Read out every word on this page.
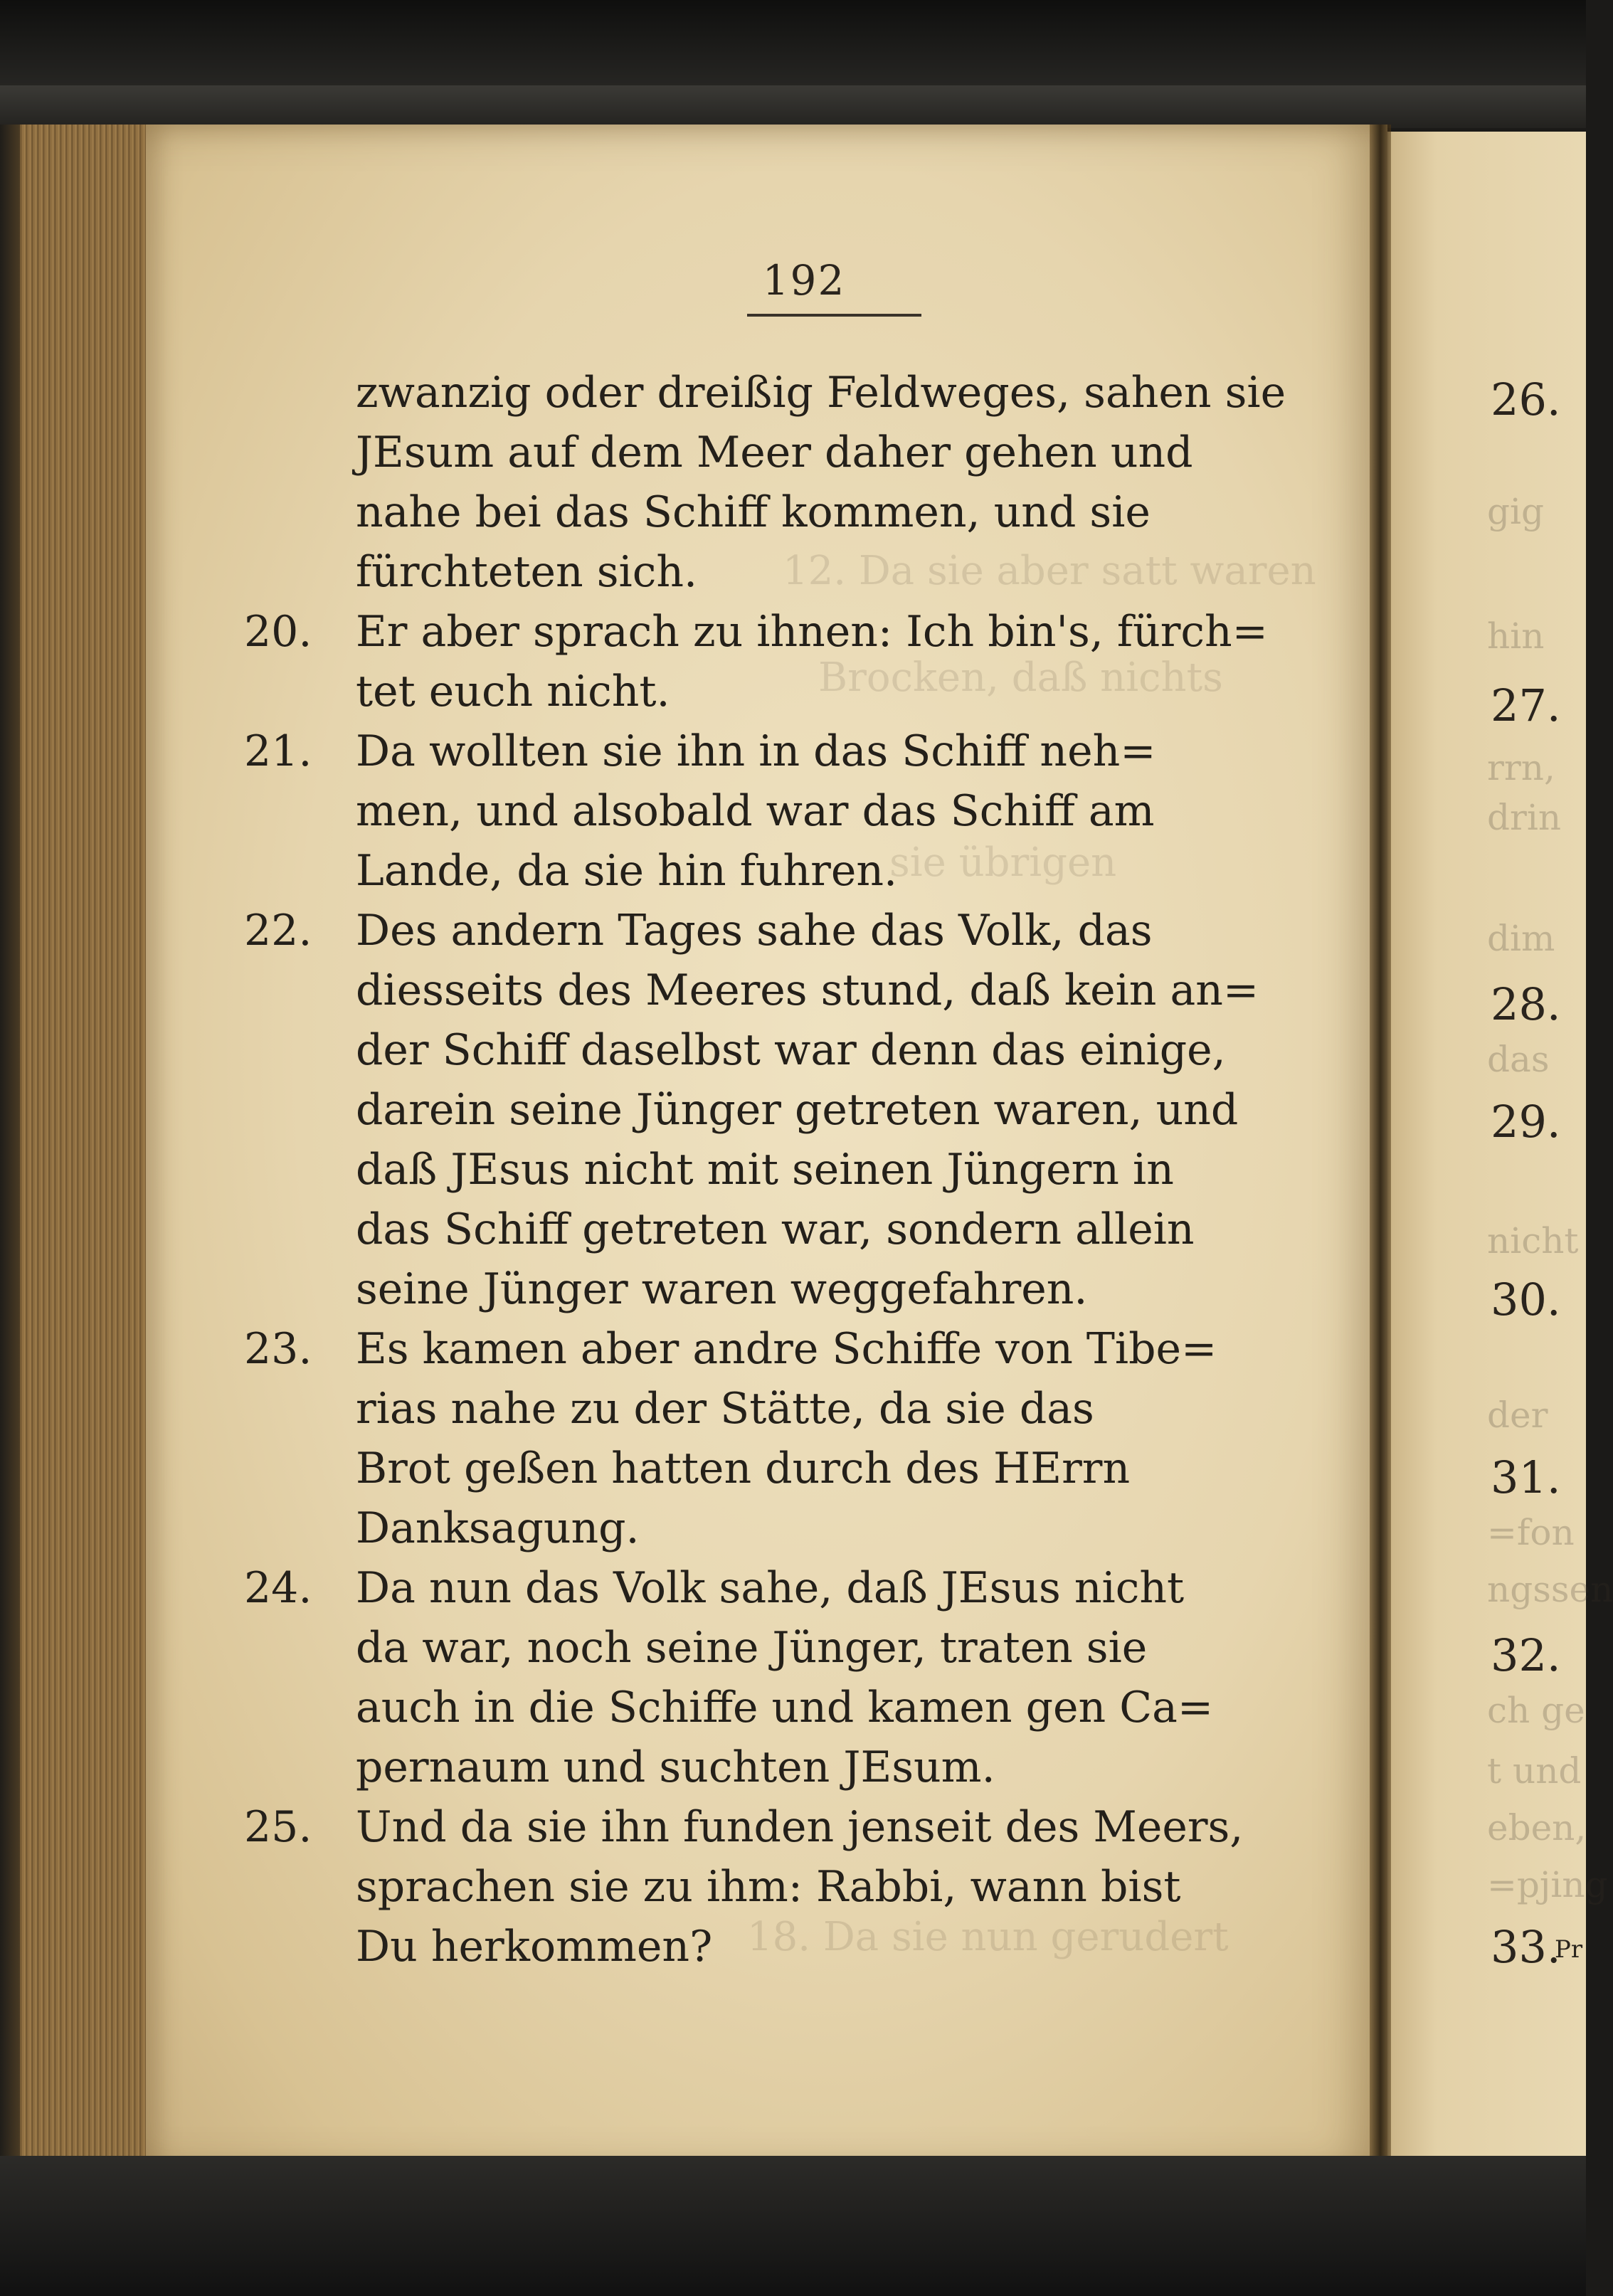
12. Da sie aber satt waren
Brocken, daß nichts
sie übrigen
18. Da sie nun gerudert
192
zwanzig oder dreißig Feldweges, sahen sie
JEsum auf dem Meer daher gehen und
nahe bei das Schiff kommen, und sie
fürchteten sich.
20.	Er aber sprach zu ihnen: Ich bin's, fürch=
tet euch nicht.
21.	Da wollten sie ihn in das Schiff neh=
men, und alsobald war das Schiff am
Lande, da sie hin fuhren.
22.	Des andern Tages sahe das Volk, das
diesseits des Meeres stund, daß kein an=
der Schiff daselbst war denn das einige,
darein seine Jünger getreten waren, und
daß JEsus nicht mit seinen Jüngern in
das Schiff getreten war, sondern allein
seine Jünger waren weggefahren.
23.	Es kamen aber andre Schiffe von Tibe=
rias nahe zu der Stätte, da sie das
Brot geßen hatten durch des HErrn
Danksagung.
24.	Da nun das Volk sahe, daß JEsus nicht
da war, noch seine Jünger, traten sie
auch in die Schiffe und kamen gen Ca=
pernaum und suchten JEsum.
25.	Und da sie ihn funden jenseit des Meers,
sprachen sie zu ihm: Rabbi, wann bist
Du herkommen?
26.
gig
hin
27.
rrn,
drin
dim
28.
das
29.
nicht
30.
der
31.
=fon
ngssen
32.
ch ge
t und
eben,
=pjing
33.
Pr
